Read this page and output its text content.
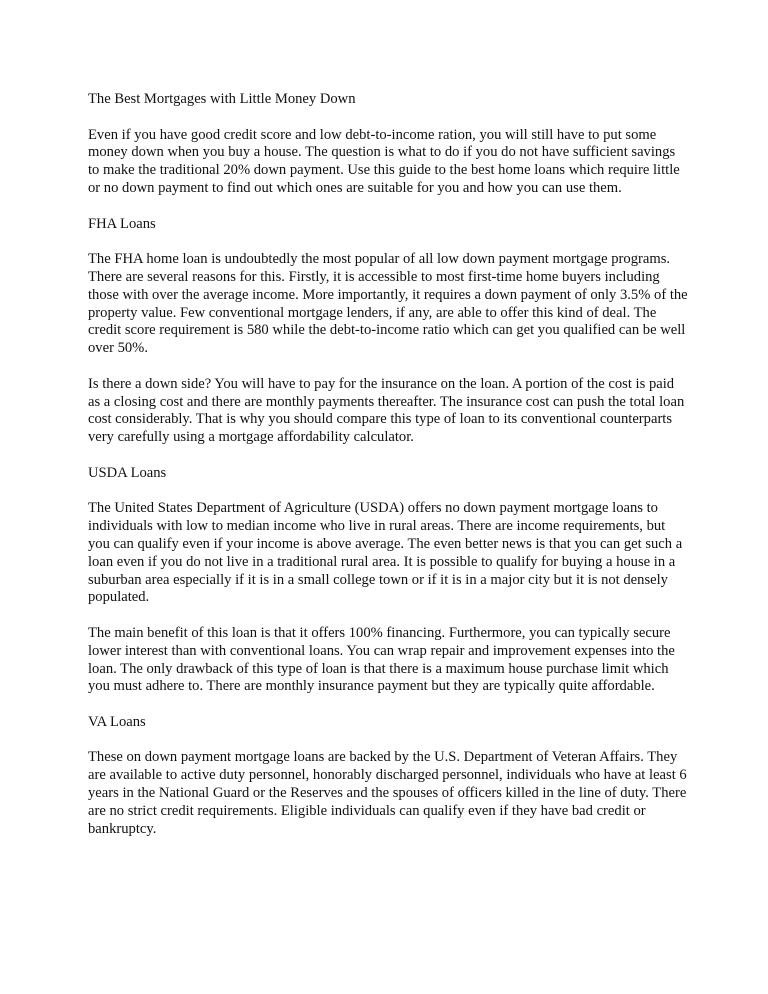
The Best Mortgages with Little Money Down

Even if you have good credit score and low debt-to-income ration, you will still have to put some money down when you buy a house. The question is what to do if you do not have sufficient savings to make the traditional 20% down payment. Use this guide to the best home loans which require little or no down payment to find out which ones are suitable for you and how you can use them.

FHA Loans

The FHA home loan is undoubtedly the most popular of all low down payment mortgage programs. There are several reasons for this. Firstly, it is accessible to most first-time home buyers including those with over the average income. More importantly, it requires a down payment of only 3.5% of the property value. Few conventional mortgage lenders, if any, are able to offer this kind of deal. The credit score requirement is 580 while the debt-to-income ratio which can get you qualified can be well over 50%.

Is there a down side? You will have to pay for the insurance on the loan. A portion of the cost is paid as a closing cost and there are monthly payments thereafter. The insurance cost can push the total loan cost considerably. That is why you should compare this type of loan to its conventional counterparts very carefully using a mortgage affordability calculator.

USDA Loans

The United States Department of Agriculture (USDA) offers no down payment mortgage loans to individuals with low to median income who live in rural areas. There are income requirements, but you can qualify even if your income is above average. The even better news is that you can get such a loan even if you do not live in a traditional rural area. It is possible to qualify for buying a house in a suburban area especially if it is in a small college town or if it is in a major city but it is not densely populated.

The main benefit of this loan is that it offers 100% financing. Furthermore, you can typically secure lower interest than with conventional loans. You can wrap repair and improvement expenses into the loan. The only drawback of this type of loan is that there is a maximum house purchase limit which you must adhere to. There are monthly insurance payment but they are typically quite affordable.

VA Loans

These on down payment mortgage loans are backed by the U.S. Department of Veteran Affairs. They are available to active duty personnel, honorably discharged personnel, individuals who have at least 6 years in the National Guard or the Reserves and the spouses of officers killed in the line of duty. There are no strict credit requirements. Eligible individuals can qualify even if they have bad credit or bankruptcy.
